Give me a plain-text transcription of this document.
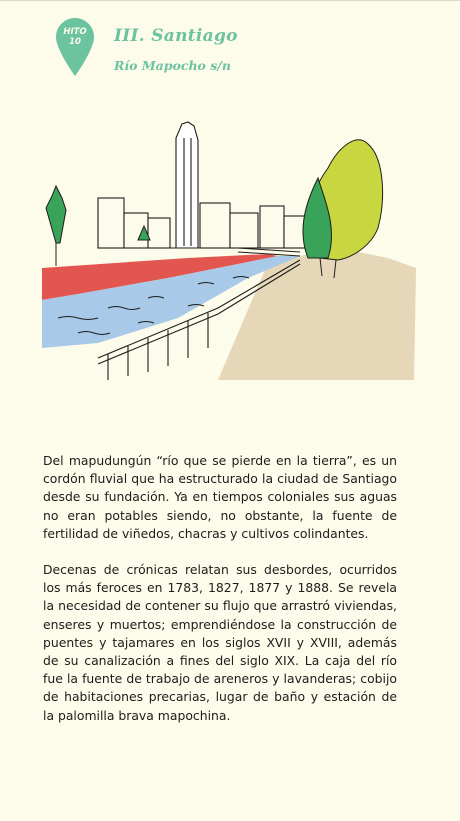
HITO
10	III. Santiago
Río Mapocho s/n

Del mapudungún “río que se pierde en la tierra”, es un cordón fluvial que ha estructurado la ciudad de Santiago desde su fundación. Ya en tiempos coloniales sus aguas no eran potables siendo, no obstante, la fuente de fertilidad de viñedos, chacras y cultivos colindantes.

Decenas de crónicas relatan sus desbordes, ocurridos los más feroces en 1783, 1827, 1877 y 1888. Se revela la necesidad de contener su flujo que arrastró viviendas, enseres y muertos; emprendiéndose la construcción de puentes y tajamares en los siglos XVII y XVIII, además de su canalización a fines del siglo XIX. La caja del río fue la fuente de trabajo de areneros y lavanderas; cobijo de habitaciones precarias, lugar de baño y estación de la palomilla brava mapochina.
